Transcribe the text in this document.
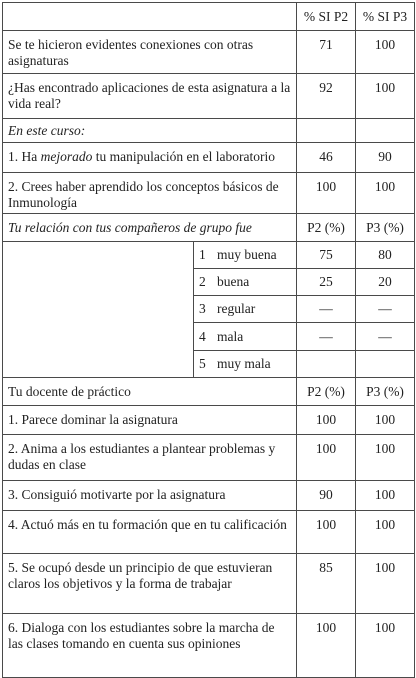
		% SI P2	% SI P3
Se te hicieron evidentes conexiones con otras asignaturas		71	100
¿Has encontrado aplicaciones de esta asignatura a la vida real?		92	100
En este curso:			
1. Ha mejorado tu manipulación en el laboratorio		46	90
2. Crees haber aprendido los conceptos básicos de Inmunología		100	100
Tu relación con tus compañeros de grupo fue		P2 (%)	P3 (%)
	1 muy buena	75	80
	2 buena	25	20
	3 regular	—	—
	4 mala	—	—
	5 muy mala		
Tu docente de práctico		P2 (%)	P3 (%)
1. Parece dominar la asignatura		100	100
2. Anima a los estudiantes a plantear problemas y dudas en clase		100	100
3. Consiguió motivarte por la asignatura		90	100
4. Actuó más en tu formación que en tu calificación		100	100
5. Se ocupó desde un principio de que estuvieran claros los objetivos y la forma de trabajar		85	100
6. Dialoga con los estudiantes sobre la marcha de las clases tomando en cuenta sus opiniones		100	100
